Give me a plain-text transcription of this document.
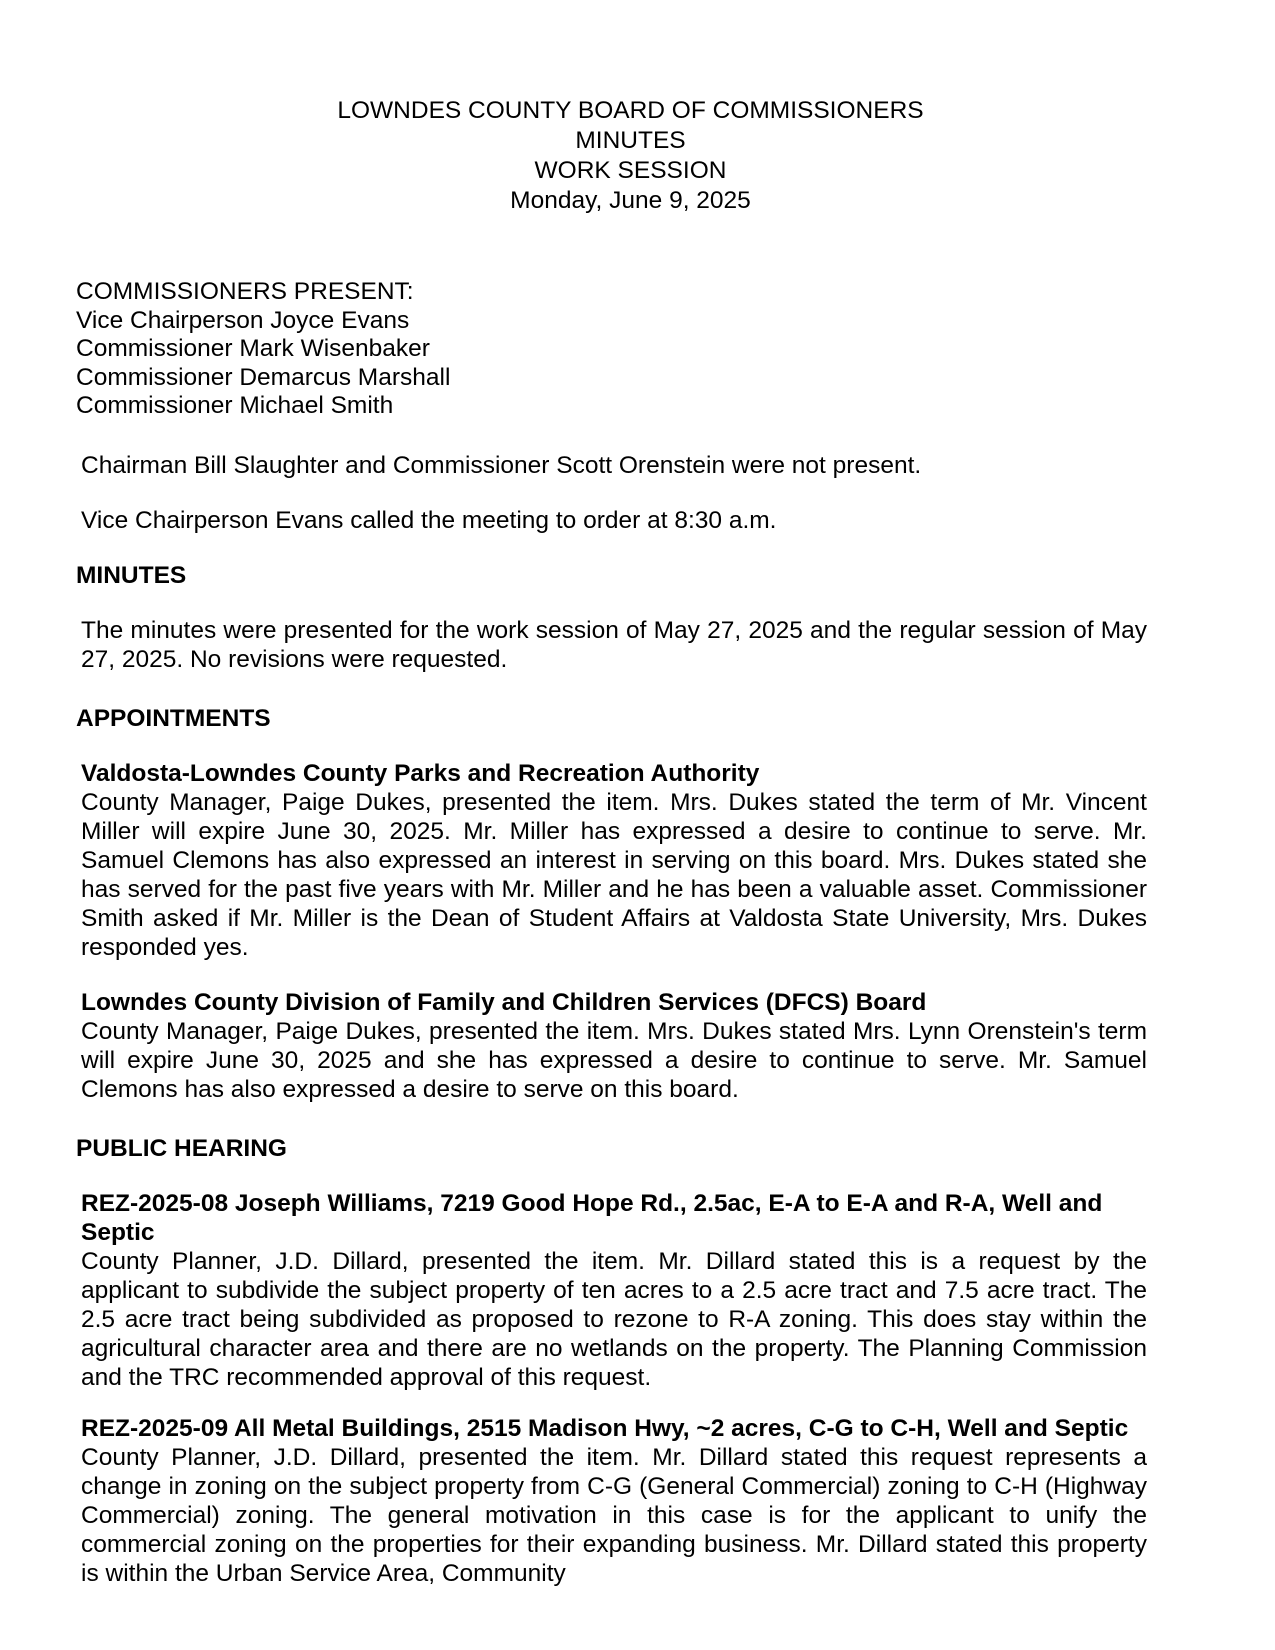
LOWNDES COUNTY BOARD OF COMMISSIONERS
MINUTES
WORK SESSION
Monday, June 9, 2025
COMMISSIONERS PRESENT:
Vice Chairperson Joyce Evans
Commissioner Mark Wisenbaker
Commissioner Demarcus Marshall
Commissioner Michael Smith

Chairman Bill Slaughter and Commissioner Scott Orenstein were not present.

Vice Chairperson Evans called the meeting to order at 8:30 a.m.

MINUTES

The minutes were presented for the work session of May 27, 2025 and the regular session of May 27, 2025. No revisions were requested.

APPOINTMENTS

Valdosta-Lowndes County Parks and Recreation Authority

County Manager, Paige Dukes, presented the item. Mrs. Dukes stated the term of Mr. Vincent Miller will expire June 30, 2025. Mr. Miller has expressed a desire to continue to serve. Mr. Samuel Clemons has also expressed an interest in serving on this board. Mrs. Dukes stated she has served for the past five years with Mr. Miller and he has been a valuable asset. Commissioner Smith asked if Mr. Miller is the Dean of Student Affairs at Valdosta State University, Mrs. Dukes responded yes.

Lowndes County Division of Family and Children Services (DFCS) Board

County Manager, Paige Dukes, presented the item. Mrs. Dukes stated Mrs. Lynn Orenstein's term will expire June 30, 2025 and she has expressed a desire to continue to serve. Mr. Samuel Clemons has also expressed a desire to serve on this board.

PUBLIC HEARING

REZ-2025-08 Joseph Williams, 7219 Good Hope Rd., 2.5ac, E-A to E-A and R-A, Well and Septic

County Planner, J.D. Dillard, presented the item. Mr. Dillard stated this is a request by the applicant to subdivide the subject property of ten acres to a 2.5 acre tract and 7.5 acre tract. The 2.5 acre tract being subdivided as proposed to rezone to R-A zoning. This does stay within the agricultural character area and there are no wetlands on the property. The Planning Commission and the TRC recommended approval of this request.

REZ-2025-09 All Metal Buildings, 2515 Madison Hwy, ~2 acres, C-G to C-H, Well and Septic

County Planner, J.D. Dillard, presented the item. Mr. Dillard stated this request represents a change in zoning on the subject property from C-G (General Commercial) zoning to C-H (Highway Commercial) zoning. The general motivation in this case is for the applicant to unify the commercial zoning on the properties for their expanding business. Mr. Dillard stated this property is within the Urban Service Area, Community
